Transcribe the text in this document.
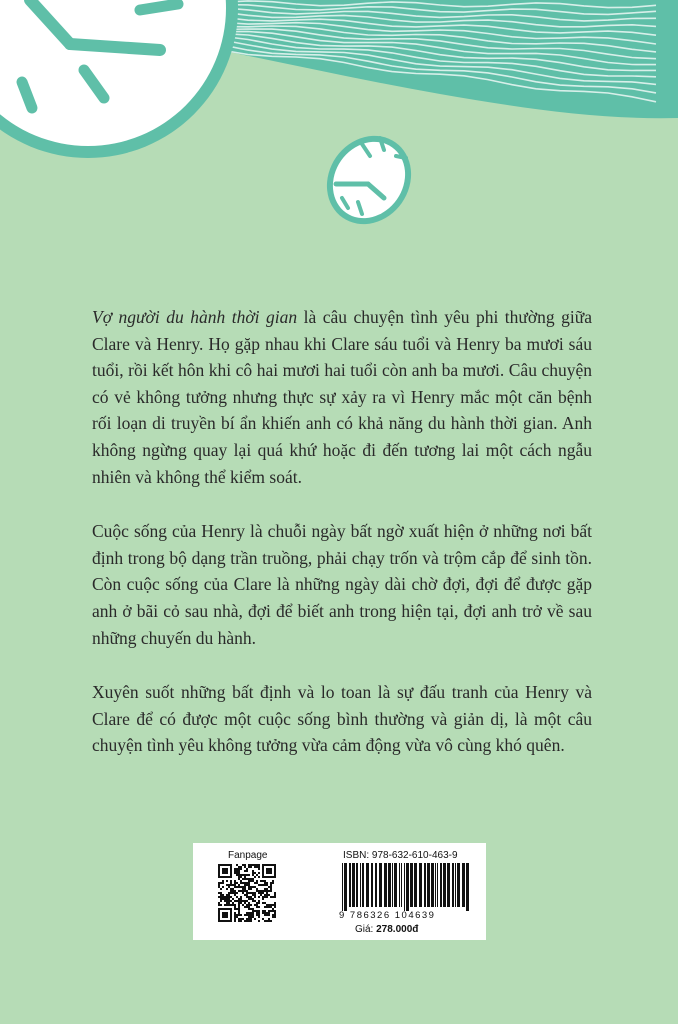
Vợ người du hành thời gian là câu chuyện tình yêu phi thường giữa Clare và Henry. Họ gặp nhau khi Clare sáu tuổi và Henry ba mươi sáu tuổi, rồi kết hôn khi cô hai mươi hai tuổi còn anh ba mươi. Câu chuyện có vẻ không tưởng nhưng thực sự xảy ra vì Henry mắc một căn bệnh rối loạn di truyền bí ẩn khiến anh có khả năng du hành thời gian. Anh không ngừng quay lại quá khứ hoặc đi đến tương lai một cách ngẫu nhiên và không thể kiểm soát.

Cuộc sống của Henry là chuỗi ngày bất ngờ xuất hiện ở những nơi bất định trong bộ dạng trần truồng, phải chạy trốn và trộm cắp để sinh tồn. Còn cuộc sống của Clare là những ngày dài chờ đợi, đợi để được gặp anh ở bãi cỏ sau nhà, đợi để biết anh trong hiện tại, đợi anh trở về sau những chuyến du hành.

Xuyên suốt những bất định và lo toan là sự đấu tranh của Henry và Clare để có được một cuộc sống bình thường và giản dị, là một câu chuyện tình yêu không tưởng vừa cảm động vừa vô cùng khó quên.

Fanpage	ISBN: 978-632-610-463-9
9 786326 104639
Giá: 278.000đ
